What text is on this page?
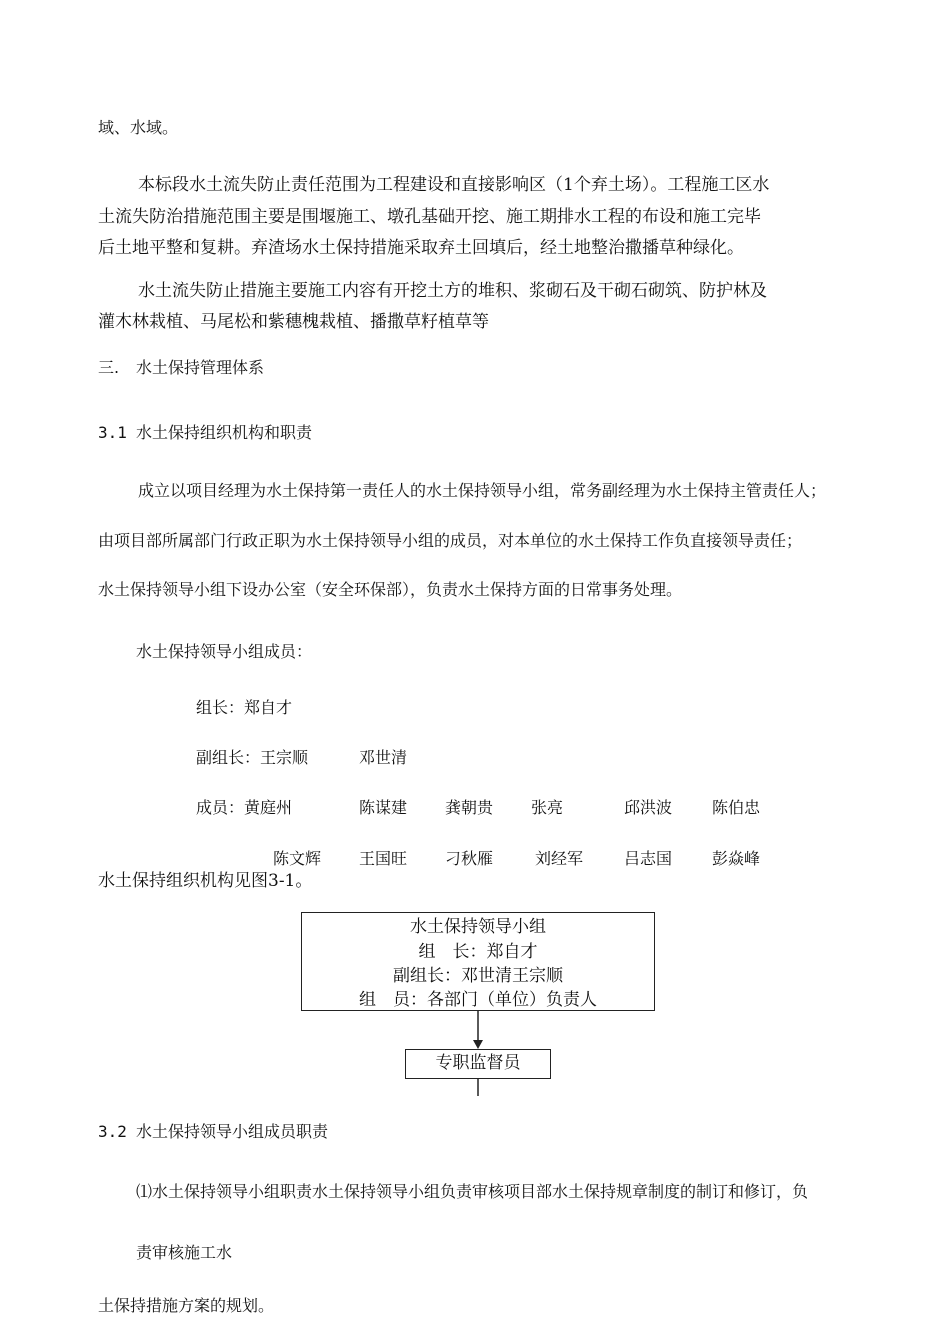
域、水域。
本标段水土流失防止责任范围为工程建设和直接影响区（1个弃土场）。工程施工区水
土流失防治措施范围主要是围堰施工、墩孔基础开挖、施工期排水工程的布设和施工完毕
后土地平整和复耕。弃渣场水土保持措施采取弃土回填后，经土地整治撒播草种绿化。
水土流失防止措施主要施工内容有开挖土方的堆积、浆砌石及干砌石砌筑、防护林及
灌木林栽植、马尾松和紫穗槐栽植、播撒草籽植草等
三. 水土保持管理体系
3.1 水土保持组织机构和职责
成立以项目经理为水土保持第一责任人的水土保持领导小组，常务副经理为水土保持主管责任人；
由项目部所属部门行政正职为水土保持领导小组的成员，对本单位的水土保持工作负直接领导责任；
水土保持领导小组下设办公室（安全环保部），负责水土保持方面的日常事务处理。
水土保持领导小组成员：
组长：郑自才
副组长：王宗顺	邓世清
成员：黄庭州	陈谋建 龚朝贵 张亮	邱洪波 陈伯忠
陈文辉 王国旺 刁秋雁	刘经军	吕志国 彭焱峰
水土保持组织机构见图3-1。
水土保持领导小组
组　长：郑自才
副组长：邓世清王宗顺
组　员：各部门（单位）负责人
专职监督员
3.2 水土保持领导小组成员职责
⑴水土保持领导小组职责水土保持领导小组负责审核项目部水土保持规章制度的制订和修订，负
责审核施工水
土保持措施方案的规划。
